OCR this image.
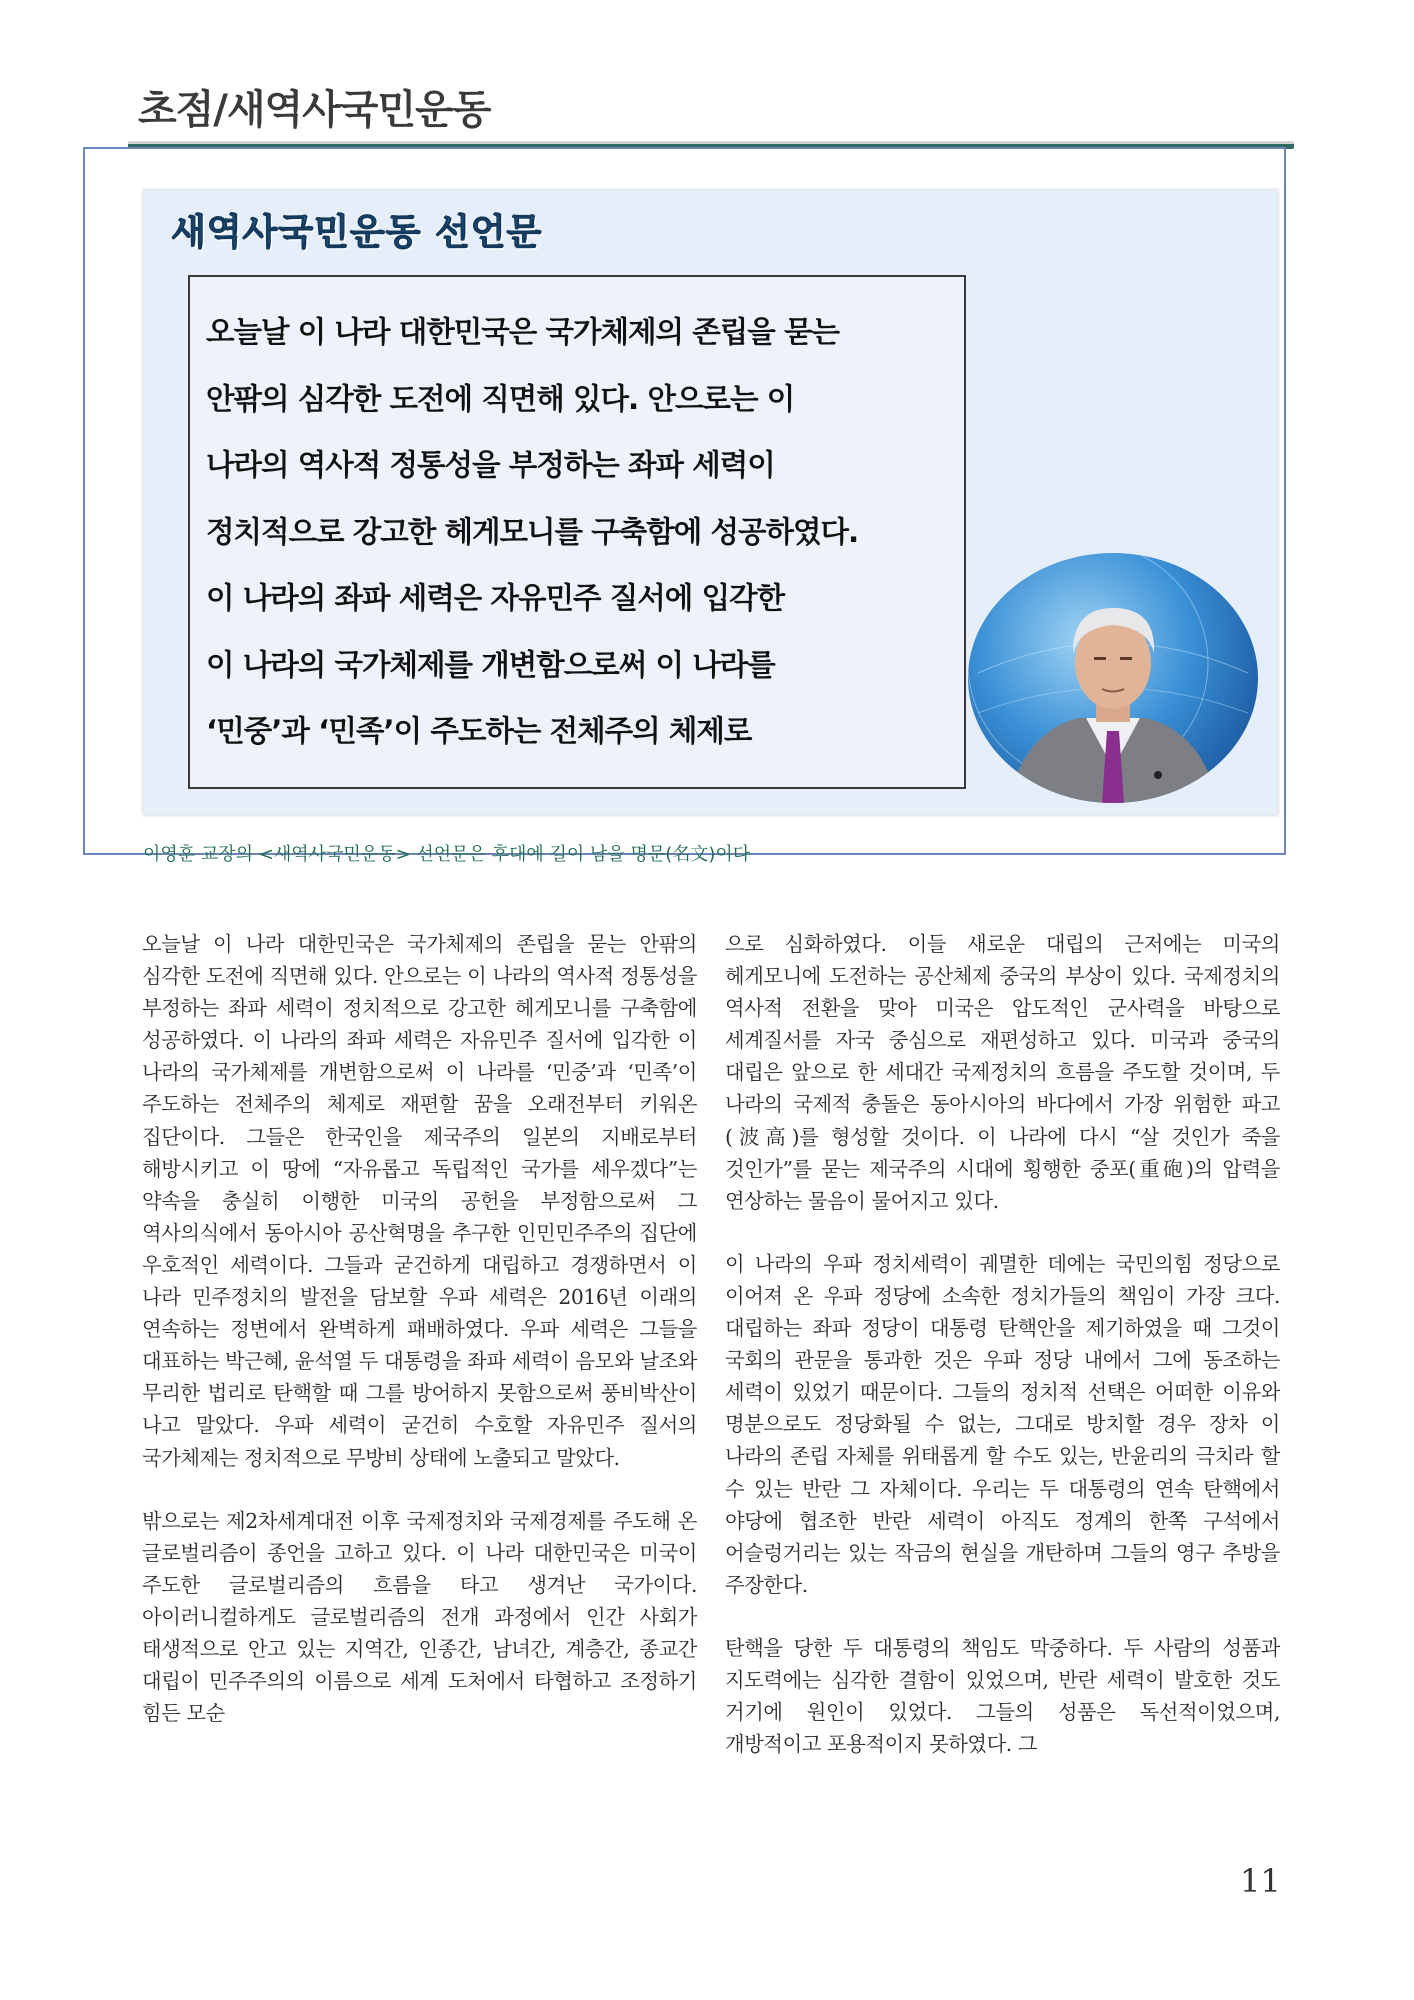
초점/새역사국민운동
새역사국민운동 선언문
오늘날 이 나라 대한민국은 국가체제의 존립을 묻는
안팎의 심각한 도전에 직면해 있다. 안으로는 이
나라의 역사적 정통성을 부정하는 좌파 세력이
정치적으로 강고한 헤게모니를 구축함에 성공하였다.
이 나라의 좌파 세력은 자유민주 질서에 입각한
이 나라의 국가체제를 개변함으로써 이 나라를
‘민중’과 ‘민족’이 주도하는 전체주의 체제로
이영훈 교장의 <새역사국민운동> 선언문은 후대에 길이 남을 명문(名文)이다

오늘날 이 나라 대한민국은 국가체제의 존립을 묻는 안팎의 심각한 도전에 직면해 있다. 안으로는 이 나라의 역사적 정통성을 부정하는 좌파 세력이 정치적으로 강고한 헤게모니를 구축함에 성공하였다. 이 나라의 좌파 세력은 자유민주 질서에 입각한 이 나라의 국가체제를 개변함으로써 이 나라를 ‘민중’과 ‘민족’이 주도하는 전체주의 체제로 재편할 꿈을 오래전부터 키워온 집단이다. 그들은 한국인을 제국주의 일본의 지배로부터 해방시키고 이 땅에 “자유롭고 독립적인 국가를 세우겠다”는 약속을 충실히 이행한 미국의 공헌을 부정함으로써 그 역사의식에서 동아시아 공산혁명을 추구한 인민민주주의 집단에 우호적인 세력이다. 그들과 굳건하게 대립하고 경쟁하면서 이 나라 민주정치의 발전을 담보할 우파 세력은 2016년 이래의 연속하는 정변에서 완벽하게 패배하였다. 우파 세력은 그들을 대표하는 박근혜, 윤석열 두 대통령을 좌파 세력이 음모와 날조와 무리한 법리로 탄핵할 때 그를 방어하지 못함으로써 풍비박산이 나고 말았다. 우파 세력이 굳건히 수호할 자유민주 질서의 국가체제는 정치적으로 무방비 상태에 노출되고 말았다.

밖으로는 제2차세계대전 이후 국제정치와 국제경제를 주도해 온 글로벌리즘이 종언을 고하고 있다. 이 나라 대한민국은 미국이 주도한 글로벌리즘의 흐름을 타고 생겨난 국가이다. 아이러니컬하게도 글로벌리즘의 전개 과정에서 인간 사회가 태생적으로 안고 있는 지역간, 인종간, 남녀간, 계층간, 종교간 대립이 민주주의의 이름으로 세계 도처에서 타협하고 조정하기 힘든 모순

으로 심화하였다. 이들 새로운 대립의 근저에는 미국의 헤게모니에 도전하는 공산체제 중국의 부상이 있다. 국제정치의 역사적 전환을 맞아 미국은 압도적인 군사력을 바탕으로 세계질서를 자국 중심으로 재편성하고 있다. 미국과 중국의 대립은 앞으로 한 세대간 국제정치의 흐름을 주도할 것이며, 두 나라의 국제적 충돌은 동아시아의 바다에서 가장 위험한 파고(波高)를 형성할 것이다. 이 나라에 다시 “살 것인가 죽을 것인가”를 묻는 제국주의 시대에 횡행한 중포(重砲)의 압력을 연상하는 물음이 물어지고 있다.

이 나라의 우파 정치세력이 궤멸한 데에는 국민의힘 정당으로 이어져 온 우파 정당에 소속한 정치가들의 책임이 가장 크다. 대립하는 좌파 정당이 대통령 탄핵안을 제기하였을 때 그것이 국회의 관문을 통과한 것은 우파 정당 내에서 그에 동조하는 세력이 있었기 때문이다. 그들의 정치적 선택은 어떠한 이유와 명분으로도 정당화될 수 없는, 그대로 방치할 경우 장차 이 나라의 존립 자체를 위태롭게 할 수도 있는, 반윤리의 극치라 할 수 있는 반란 그 자체이다. 우리는 두 대통령의 연속 탄핵에서 야당에 협조한 반란 세력이 아직도 정계의 한쪽 구석에서 어슬렁거리는 있는 작금의 현실을 개탄하며 그들의 영구 추방을 주장한다.

탄핵을 당한 두 대통령의 책임도 막중하다. 두 사람의 성품과 지도력에는 심각한 결함이 있었으며, 반란 세력이 발호한 것도 거기에 원인이 있었다. 그들의 성품은 독선적이었으며, 개방적이고 포용적이지 못하였다. 그

11
